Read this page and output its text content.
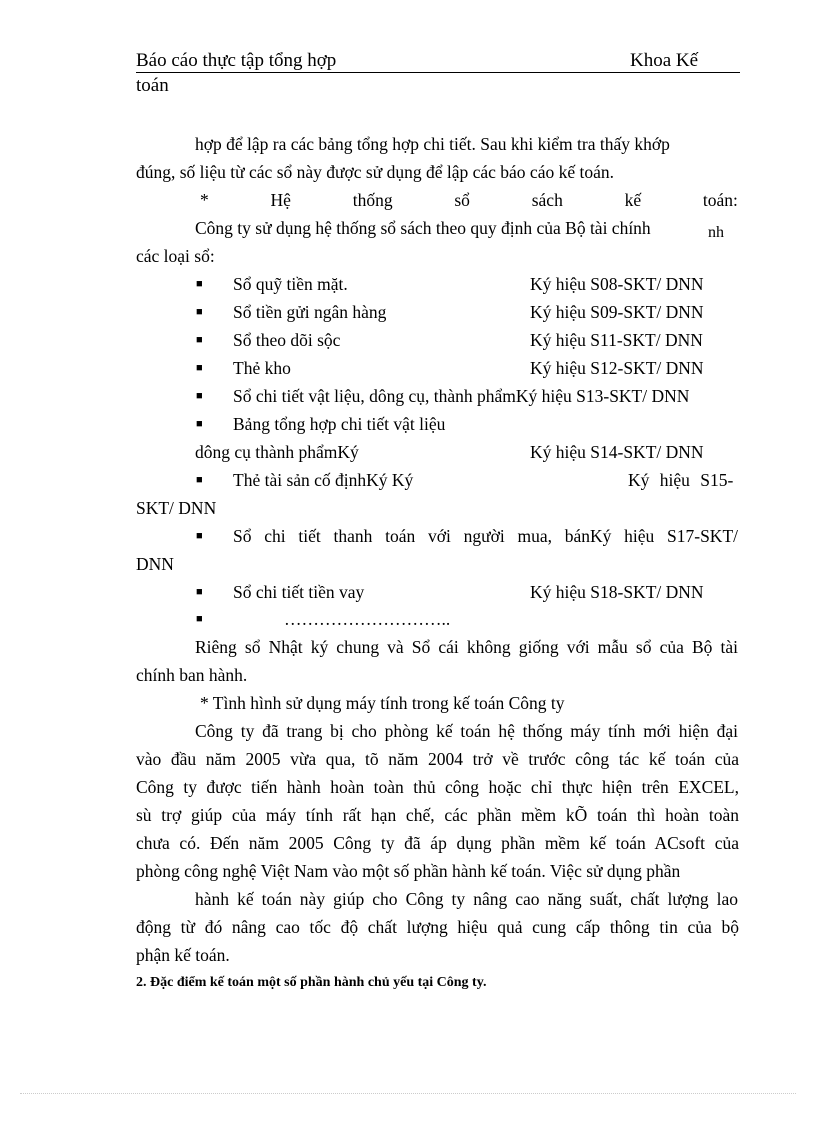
Báo cáo thực tập tổng hợp	Khoa Kế
toán
hợp để lập ra các bảng tổng hợp chi tiết. Sau khi kiểm tra thấy khớp
đúng, số liệu từ các sổ này được sử dụng để lập các báo cáo kế toán.
*	Hệ	thống	sổ	sách	kế	toán:
Công ty sử dụng hệ thống sổ sách theo quy định của Bộ tài chính	nh
các loại sổ:
■ Sổ quỹ tiền mặt.	Ký hiệu S08-SKT/ DNN
■ Sổ tiền gửi ngân hàng	Ký hiệu S09-SKT/ DNN
■ Sổ theo dõi sộc	Ký hiệu S11-SKT/ DNN
■ Thẻ kho	Ký hiệu S12-SKT/ DNN
■ Sổ chi tiết vật liệu, dông cụ, thành phẩmKý hiệu S13-SKT/ DNN
■ Bảng tổng hợp chi tiết vật liệu
dông cụ thành phẩmKý	Ký hiệu S14-SKT/ DNN
■ Thẻ tài sản cố địnhKý Ký	Ký hiệu S15-
SKT/ DNN
■ Sổ chi tiết thanh toán với người mua, bánKý hiệu S17-SKT/
DNN
■ Sổ chi tiết tiền vay	Ký hiệu S18-SKT/ DNN
■	………………………..
Riêng sổ Nhật ký chung và Sổ cái không giống với mẫu sổ của Bộ tài
chính ban hành.
* Tình hình sử dụng máy tính trong kế toán Công ty
Công ty đã trang bị cho phòng kế toán hệ thống máy tính mới hiện đại
vào đầu năm 2005 vừa qua, tõ năm 2004 trở về trước công tác kế toán của
Công ty được tiến hành hoàn toàn thủ công hoặc chỉ thực hiện trên EXCEL,
sù trợ giúp của máy tính rất hạn chế, các phần mềm kÕ toán thì hoàn toàn
chưa có. Đến năm 2005 Công ty đã áp dụng phần mềm kế toán ACsoft của
phòng công nghệ Việt Nam vào một số phần hành kế toán. Việc sử dụng phần
hành kế toán này giúp cho Công ty nâng cao năng suất, chất lượng lao
động từ đó nâng cao tốc độ chất lượng hiệu quả cung cấp thông tin của bộ
phận kế toán.
2. Đặc điểm kế toán một số phần hành chủ yếu tại Công ty.
